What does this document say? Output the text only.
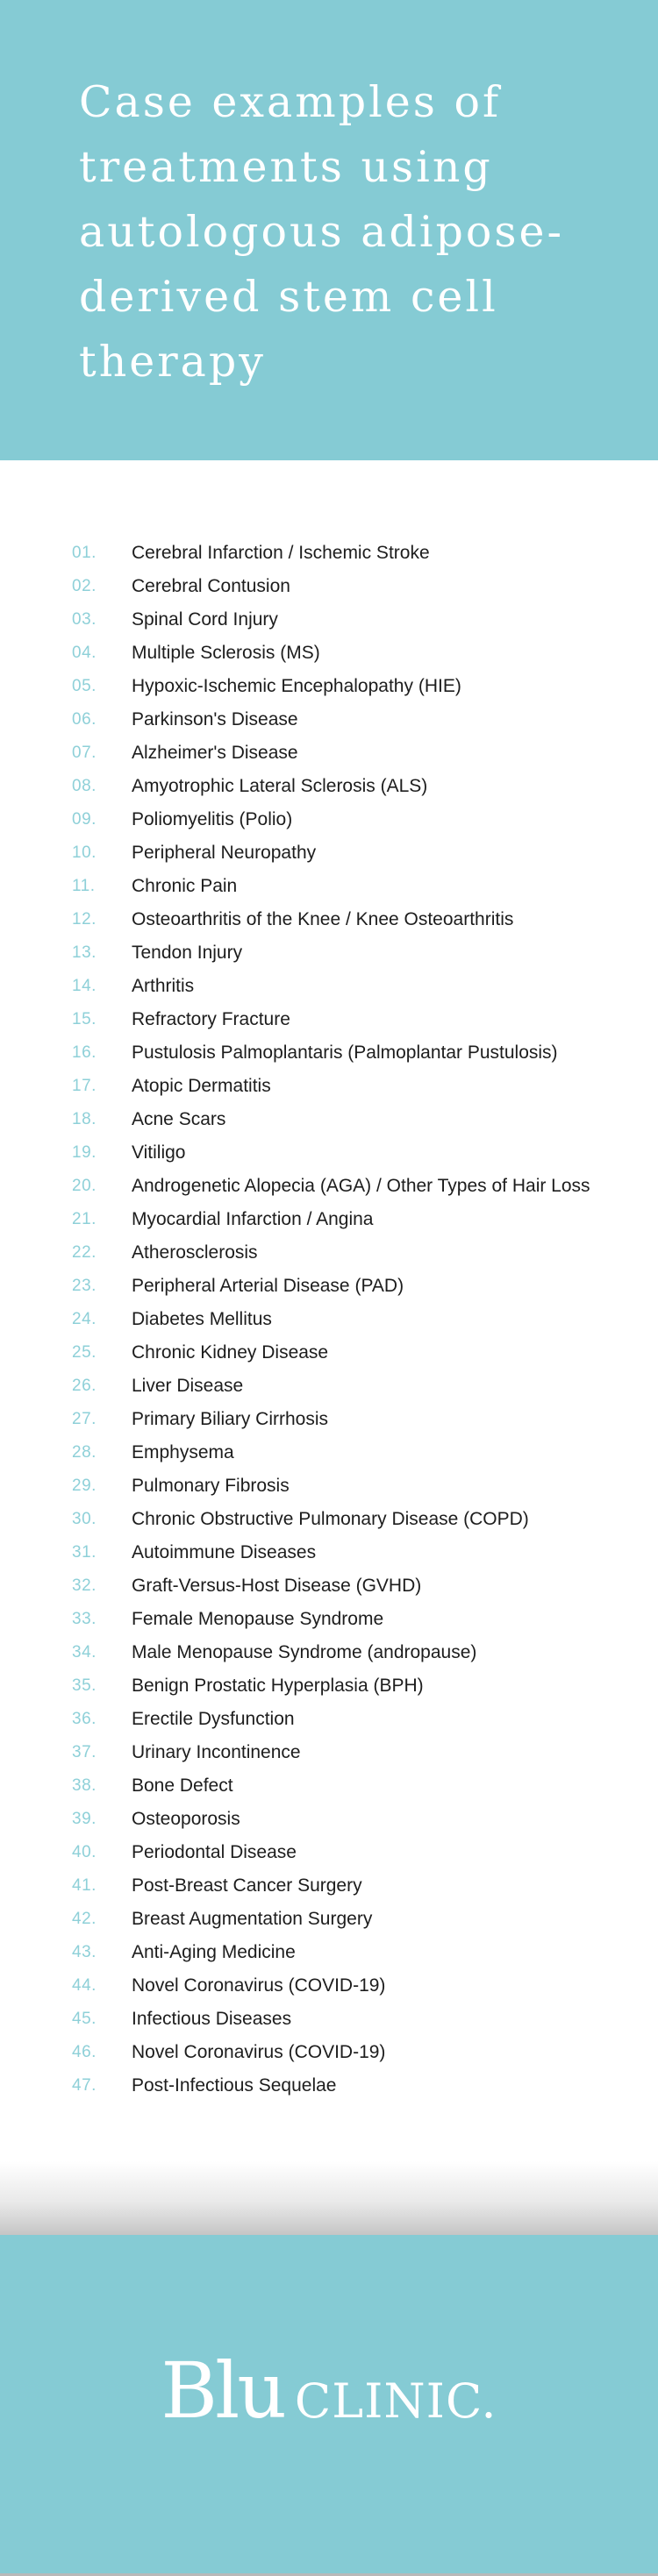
Case examples of treatments using autologous adipose-derived stem cell therapy
01. Cerebral Infarction / Ischemic Stroke
02. Cerebral Contusion
03. Spinal Cord Injury
04. Multiple Sclerosis (MS)
05. Hypoxic-Ischemic Encephalopathy (HIE)
06. Parkinson's Disease
07. Alzheimer's Disease
08. Amyotrophic Lateral Sclerosis (ALS)
09. Poliomyelitis (Polio)
10. Peripheral Neuropathy
11. Chronic Pain
12. Osteoarthritis of the Knee / Knee Osteoarthritis
13. Tendon Injury
14. Arthritis
15. Refractory Fracture
16. Pustulosis Palmoplantaris (Palmoplantar Pustulosis)
17. Atopic Dermatitis
18. Acne Scars
19. Vitiligo
20. Androgenetic Alopecia (AGA) / Other Types of Hair Loss
21. Myocardial Infarction / Angina
22. Atherosclerosis
23. Peripheral Arterial Disease (PAD)
24. Diabetes Mellitus
25. Chronic Kidney Disease
26. Liver Disease
27. Primary Biliary Cirrhosis
28. Emphysema
29. Pulmonary Fibrosis
30. Chronic Obstructive Pulmonary Disease (COPD)
31. Autoimmune Diseases
32. Graft-Versus-Host Disease (GVHD)
33. Female Menopause Syndrome
34. Male Menopause Syndrome (andropause)
35. Benign Prostatic Hyperplasia (BPH)
36. Erectile Dysfunction
37. Urinary Incontinence
38. Bone Defect
39. Osteoporosis
40. Periodontal Disease
41. Post-Breast Cancer Surgery
42. Breast Augmentation Surgery
43. Anti-Aging Medicine
44. Novel Coronavirus (COVID-19)
45. Infectious Diseases
46. Novel Coronavirus (COVID-19)
47. Post-Infectious Sequelae
Blu CLINIC.
